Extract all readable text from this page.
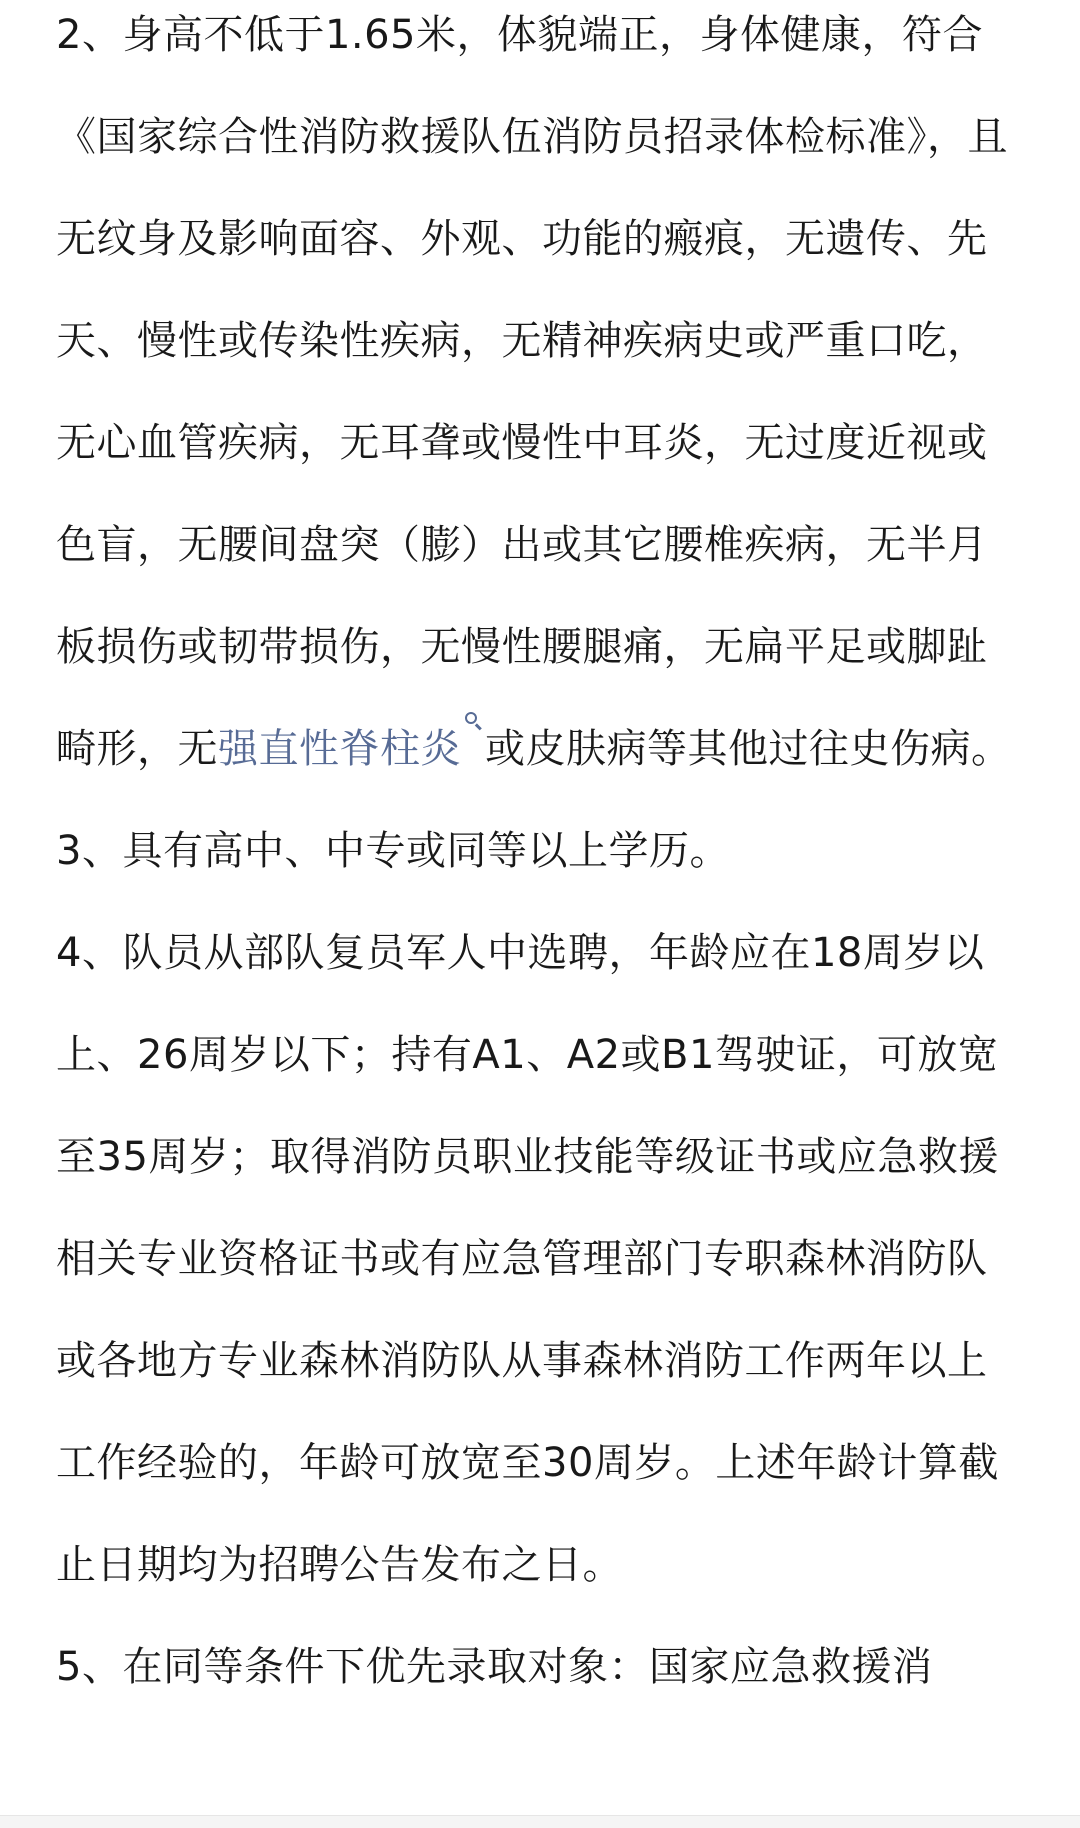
2、身高不低于1.65米，体貌端正，身体健康，符合《国家综合性消防救援队伍消防员招录体检标准》，且无纹身及影响面容、外观、功能的瘢痕，无遗传、先天、慢性或传染性疾病，无精神疾病史或严重口吃，无心血管疾病，无耳聋或慢性中耳炎，无过度近视或色盲，无腰间盘突（膨）出或其它腰椎疾病，无半月板损伤或韧带损伤，无慢性腰腿痛，无扁平足或脚趾畸形，无强直性脊柱炎 或皮肤病等其他过往史伤病。

3、具有高中、中专或同等以上学历。

4、队员从部队复员军人中选聘，年龄应在18周岁以上、26周岁以下；持有A1、A2或B1驾驶证，可放宽至35周岁；取得消防员职业技能等级证书或应急救援相关专业资格证书或有应急管理部门专职森林消防队或各地方专业森林消防队从事森林消防工作两年以上工作经验的，年龄可放宽至30周岁。上述年龄计算截止日期均为招聘公告发布之日。

5、在同等条件下优先录取对象：国家应急救援消
